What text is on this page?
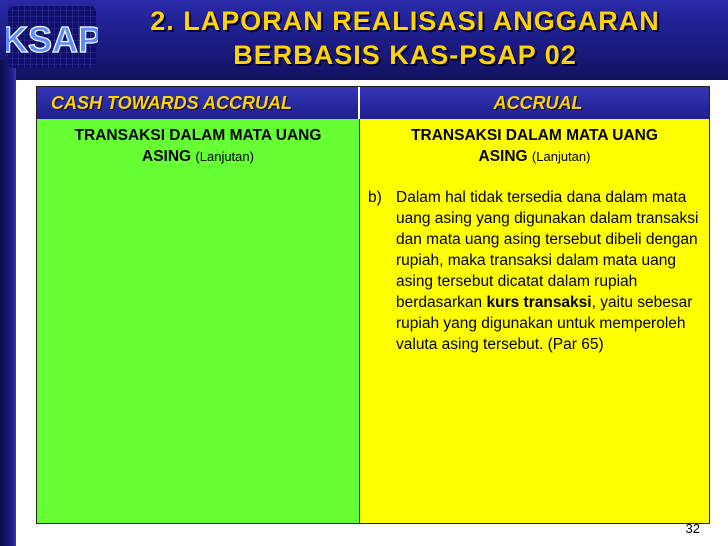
KSAP	2. LAPORAN REALISASI ANGGARAN
BERBASIS KAS-PSAP 02
CASH TOWARDS ACCRUAL	ACCRUAL
TRANSAKSI DALAM MATA UANG
ASING (Lanjutan)
TRANSAKSI DALAM MATA UANG
ASING (Lanjutan)
b) Dalam hal tidak tersedia dana dalam mata uang asing yang digunakan dalam transaksi dan mata uang asing tersebut dibeli dengan rupiah, maka transaksi dalam mata uang asing tersebut dicatat dalam rupiah berdasarkan kurs transaksi, yaitu sebesar rupiah yang digunakan untuk memperoleh valuta asing tersebut. (Par 65)
32
